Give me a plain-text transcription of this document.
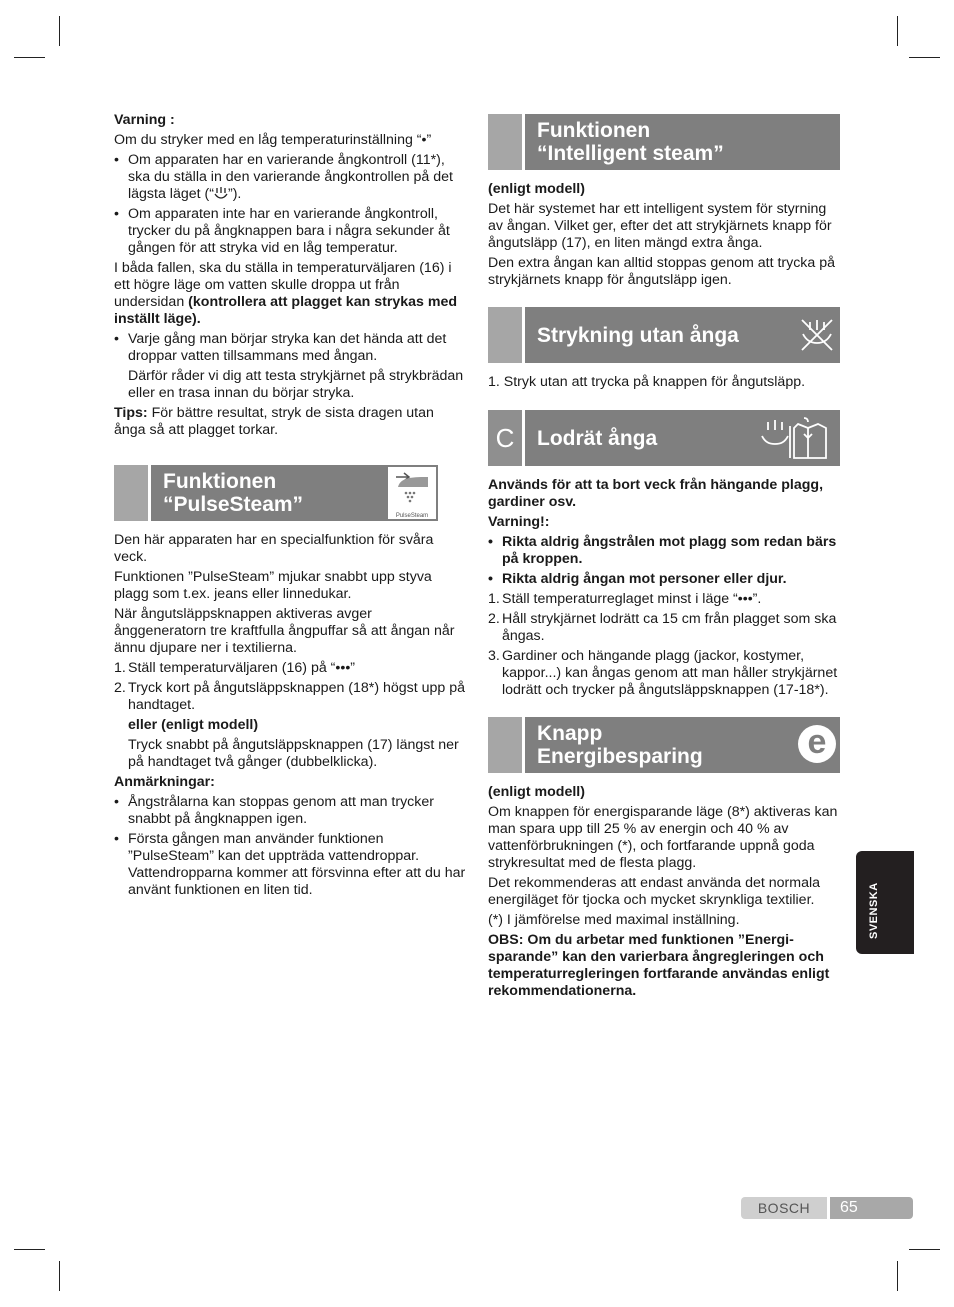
Varning :

Om du stryker med en låg temperaturinställning “•”

• Om apparaten har en varierande ångkontroll (11*), ska du ställa in den varierande ångkontrollen på det lägsta läget (“ ”).
• Om apparaten inte har en varierande ångkontroll, trycker du på ångknappen bara i några sekunder åt gången för att stryka vid en låg temperatur.

I båda fallen, ska du ställa in temperaturväljaren (16) i ett högre läge om vatten skulle droppa ut från undersidan (kontrollera att plagget kan strykas med inställt läge).

• Varje gång man börjar stryka kan det hända att det droppar vatten tillsammans med ångan.

Därför råder vi dig att testa strykjärnet på strykbrädan eller en trasa innan du börjar stryka.

Tips: För bättre resultat, stryk de sista dragen utan ånga så att plagget torkar.

Funktionen
“PulseSteam”	PulseSteam

Den här apparaten har en specialfunktion för svåra veck.

Funktionen ”PulseSteam” mjukar snabbt upp styva plagg som t.ex. jeans eller linnedukar.

När ångutsläppsknappen aktiveras avger ånggeneratorn tre kraftfulla ångpuffar så att ångan når ännu djupare ner i textilierna.

1. Ställ temperaturväljaren (16) på “•••”
2. Tryck kort på ångutsläppsknappen (18*) högst upp på handtaget.

eller (enligt modell)

Tryck snabbt på ångutsläppsknappen (17) längst ner på handtaget två gånger (dubbelklicka).

Anmärkningar:

• Ångstrålarna kan stoppas genom att man trycker snabbt på ångknappen igen.
• Första gången man använder funktionen ”PulseSteam” kan det uppträda vattendroppar. Vattendropparna kommer att försvinna efter att du har använt funktionen en liten tid.
Funktionen
“Intelligent steam”

(enligt modell)

Det här systemet har ett intelligent system för styrning av ångan. Vilket ger, efter det att strykjärnets knapp för ångutsläpp (17), en liten mängd extra ånga.

Den extra ångan kan alltid stoppas genom att trycka på strykjärnets knapp för ångutsläpp igen.

Strykning utan ånga

1. Stryk utan att trycka på knappen för ångutsläpp.

C	Lodrät ånga

Används för att ta bort veck från hängande plagg, gardiner osv.

Varning!:

• Rikta aldrig ångstrålen mot plagg som redan bärs på kroppen.
• Rikta aldrig ångan mot personer eller djur.
1. Ställ temperaturreglaget minst i läge “•••”.
2. Håll strykjärnet lodrätt ca 15 cm från plagget som ska ångas.
3. Gardiner och hängande plagg (jackor, kostymer, kappor...) kan ångas genom att man håller strykjärnet lodrätt och trycker på ångutsläppsknappen (17-18*).
Knapp
Energibesparing	e

(enligt modell)

Om knappen för energisparande läge (8*) aktiveras kan man spara upp till 25 % av energin och 40 % av vattenförbrukningen (*), och fortfarande uppnå goda strykresultat med de flesta plagg.

Det rekommenderas att endast använda det normala energiläget för tjocka och mycket skrynkliga textilier.

(*) I jämförelse med maximal inställning.

OBS: Om du arbetar med funktionen ”Energi-sparande” kan den varierbara ångregleringen och temperaturregleringen fortfarande användas enligt rekommendationerna.

SVENSKA
BOSCH	65
